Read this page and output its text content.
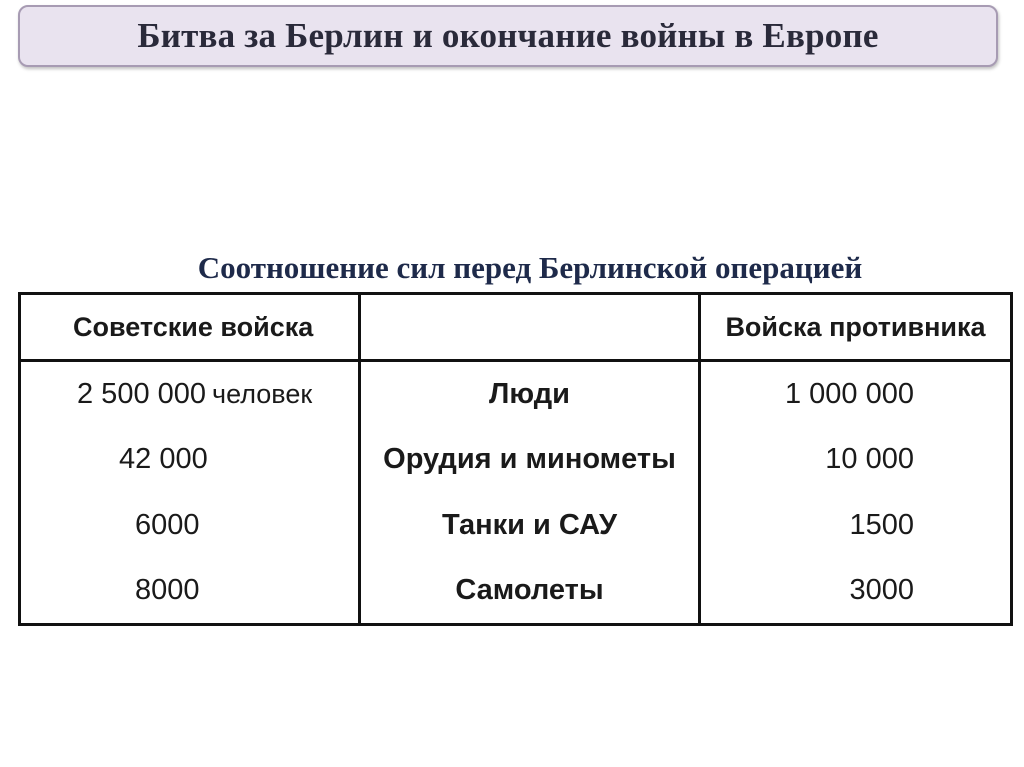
Битва за Берлин и окончание войны в Европе
Соотношение сил перед Берлинской операцией
Советские войска		Войска противника
2 500 000 человек	Люди	1 000 000
42 000	Орудия и минометы	10 000
6000	Танки и САУ	1500
8000	Самолеты	3000
